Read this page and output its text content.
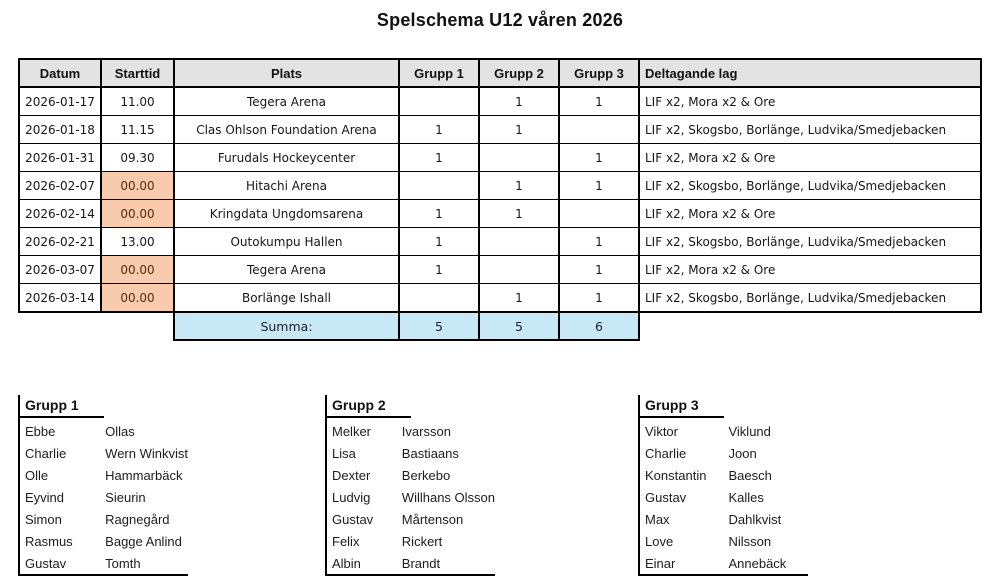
Spelschema U12 våren 2026
Datum	Starttid	Plats	Grupp 1	Grupp 2	Grupp 3	Deltagande lag
2026-01-17	11.00	Tegera Arena		1	1	LIF x2, Mora x2 & Ore
2026-01-18	11.15	Clas Ohlson Foundation Arena	1	1		LIF x2, Skogsbo, Borlänge, Ludvika/Smedjebacken
2026-01-31	09.30	Furudals Hockeycenter	1		1	LIF x2, Mora x2 & Ore
2026-02-07	00.00	Hitachi Arena		1	1	LIF x2, Skogsbo, Borlänge, Ludvika/Smedjebacken
2026-02-14	00.00	Kringdata Ungdomsarena	1	1		LIF x2, Mora x2 & Ore
2026-02-21	13.00	Outokumpu Hallen	1		1	LIF x2, Skogsbo, Borlänge, Ludvika/Smedjebacken
2026-03-07	00.00	Tegera Arena	1		1	LIF x2, Mora x2 & Ore
2026-03-14	00.00	Borlänge Ishall		1	1	LIF x2, Skogsbo, Borlänge, Ludvika/Smedjebacken
		Summa:	5	5	6	
Grupp 1
Ebbe	Ollas
Charlie	Wern Winkvist
Olle	Hammarbäck
Eyvind	Sieurin
Simon	Ragnegård
Rasmus	Bagge Anlind
Gustav	Tomth
Grupp 2
Melker	Ivarsson
Lisa	Bastiaans
Dexter	Berkebo
Ludvig	Willhans Olsson
Gustav	Mårtenson
Felix	Rickert
Albin	Brandt
Grupp 3
Viktor	Viklund
Charlie	Joon
Konstantin	Baesch
Gustav	Kalles
Max	Dahlkvist
Love	Nilsson
Einar	Annebäck
